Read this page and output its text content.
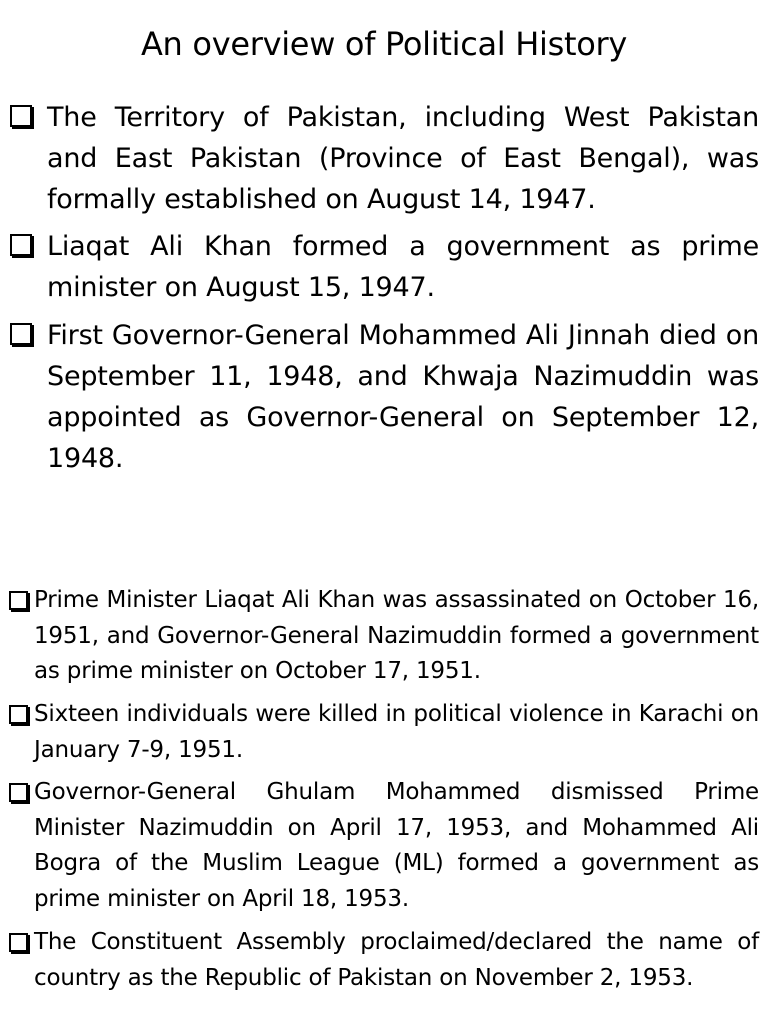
An overview of Political History
The Territory of Pakistan, including West Pakistan and East Pakistan (Province of East Bengal), was formally established on August 14, 1947.
Liaqat Ali Khan formed a government as prime minister on August 15, 1947.
First Governor-General Mohammed Ali Jinnah died on September 11, 1948, and Khwaja Nazimuddin was appointed as Governor-General on September 12, 1948.
Prime Minister Liaqat Ali Khan was assassinated on October 16, 1951, and Governor-General Nazimuddin formed a government as prime minister on October 17, 1951.
Sixteen individuals were killed in political violence in Karachi on January 7-9, 1951.
Governor-General Ghulam Mohammed dismissed Prime Minister Nazimuddin on April 17, 1953, and Mohammed Ali Bogra of the Muslim League (ML) formed a government as prime minister on April 18, 1953.
The Constituent Assembly proclaimed/declared the name of country as the Republic of Pakistan on November 2, 1953.
